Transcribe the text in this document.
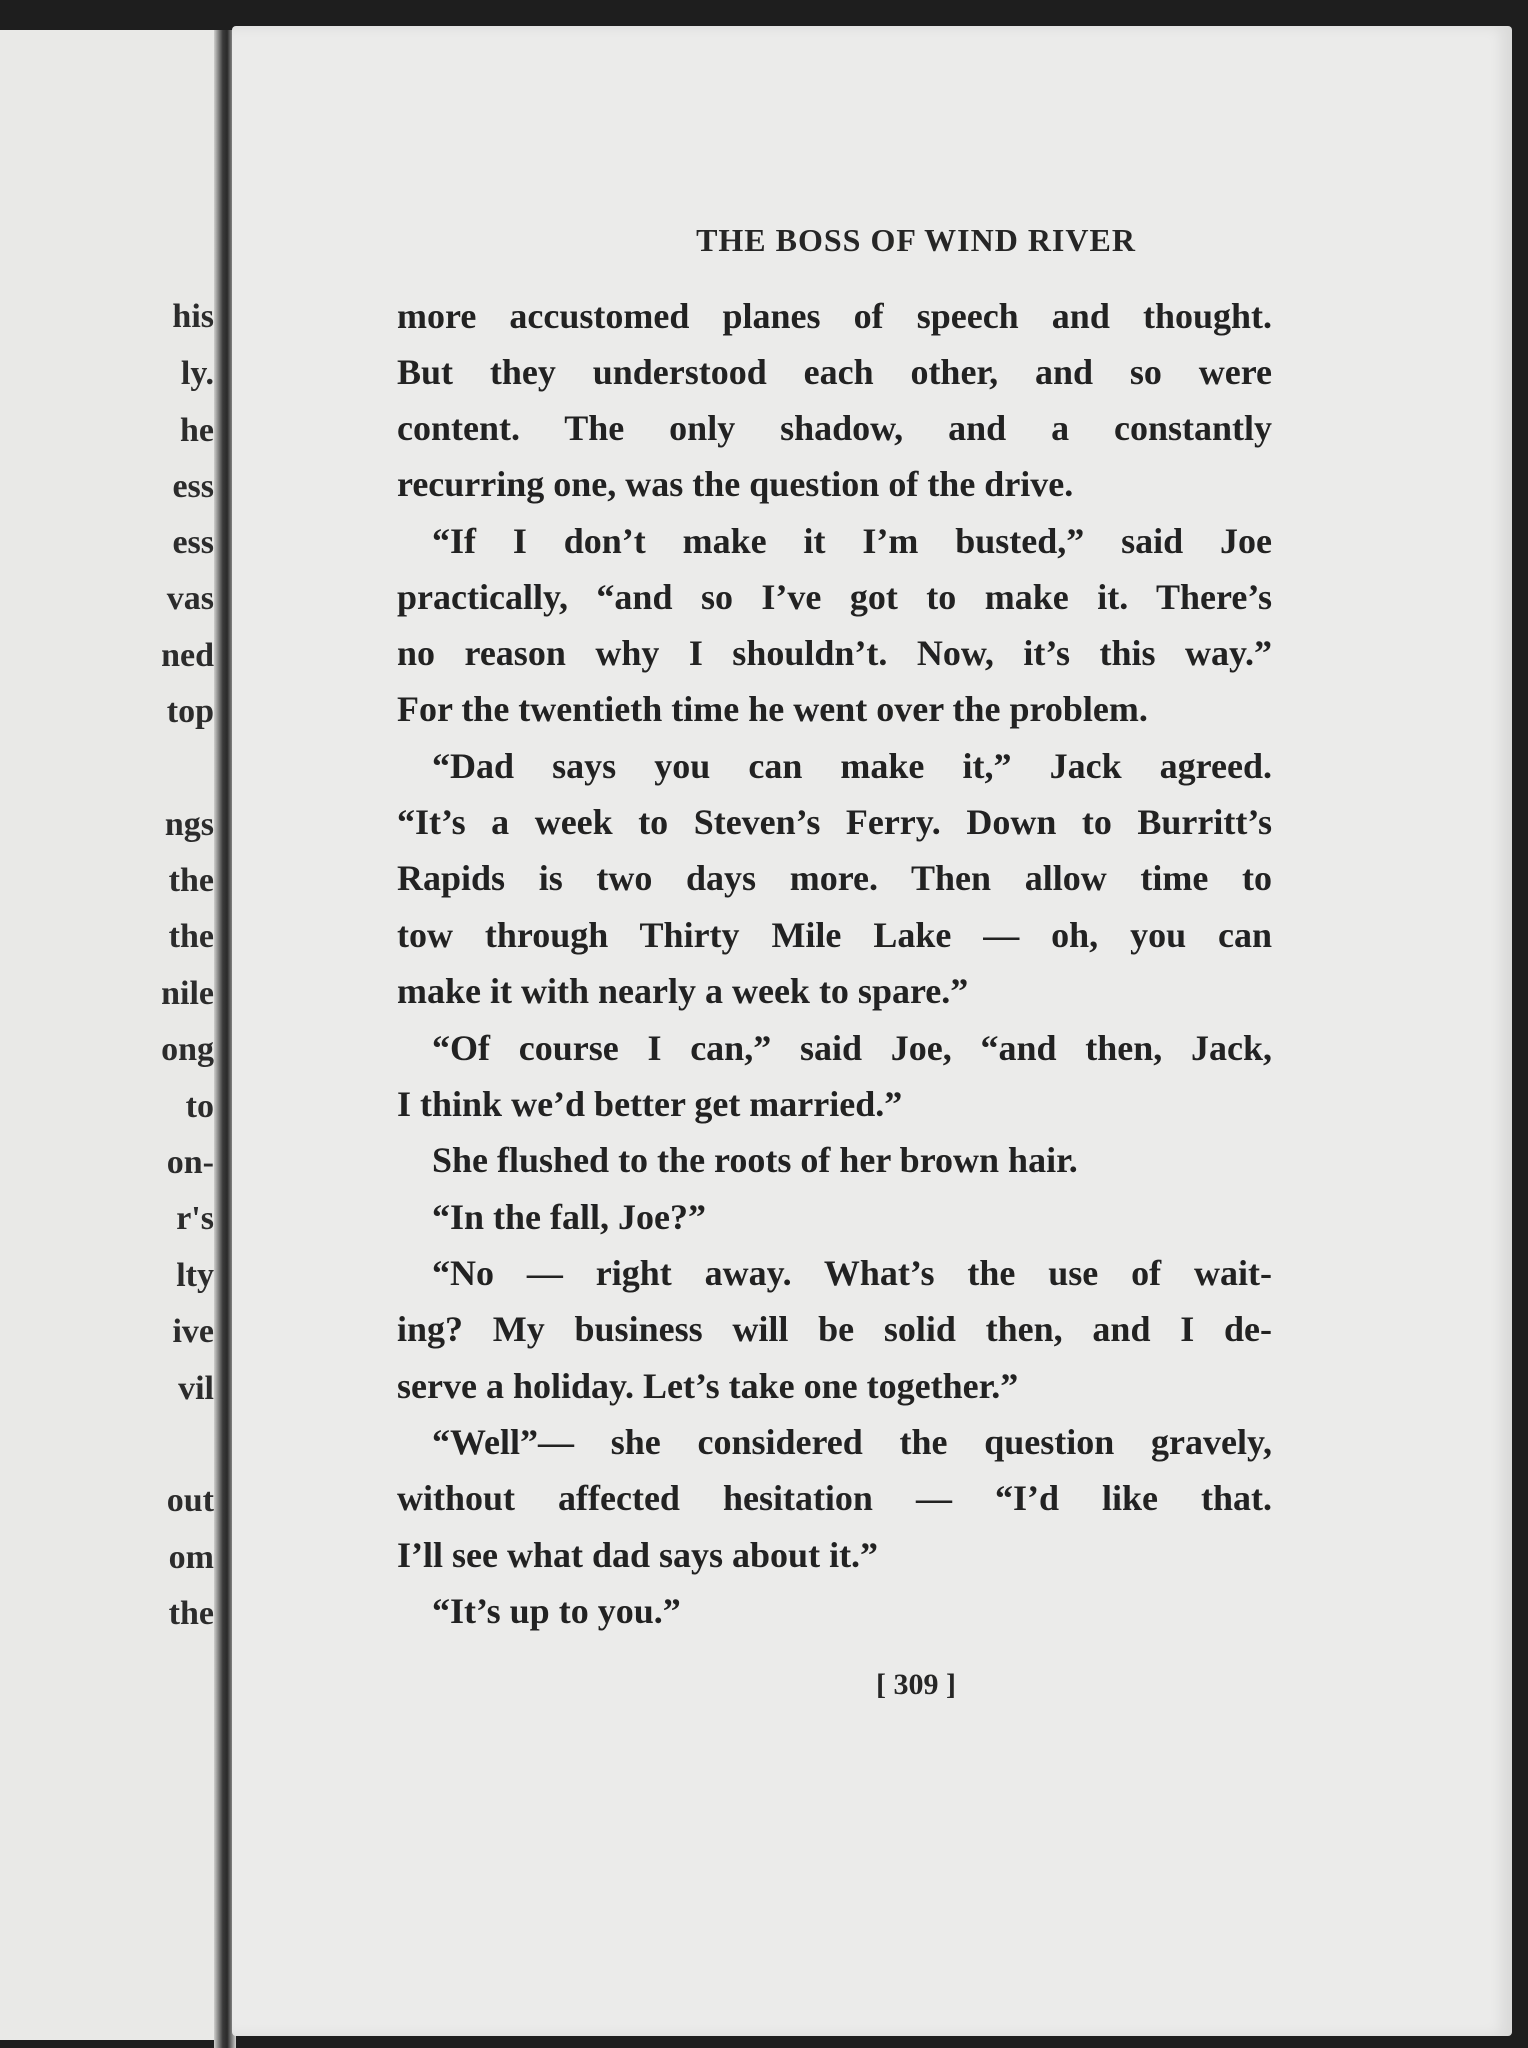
his
ly.
he
ess
ess
vas
ned
top
ngs
the
the
nile
ong
to
on-
r's
lty
ive
vil
out
om
the
THE BOSS OF WIND RIVER
more accustomed planes of speech and thought.
But they understood each other, and so were
content. The only shadow, and a constantly
recurring one, was the question of the drive.
“If I don’t make it I’m busted,” said Joe
practically, “and so I’ve got to make it. There’s
no reason why I shouldn’t. Now, it’s this way.”
For the twentieth time he went over the problem.
“Dad says you can make it,” Jack agreed.
“It’s a week to Steven’s Ferry. Down to Burritt’s
Rapids is two days more. Then allow time to
tow through Thirty Mile Lake — oh, you can
make it with nearly a week to spare.”
“Of course I can,” said Joe, “and then, Jack,
I think we’d better get married.”
She flushed to the roots of her brown hair.
“In the fall, Joe?”
“No — right away. What’s the use of wait-
ing? My business will be solid then, and I de-
serve a holiday. Let’s take one together.”
“Well”— she considered the question gravely,
without affected hesitation — “I’d like that.
I’ll see what dad says about it.”
“It’s up to you.”
[ 309 ]
